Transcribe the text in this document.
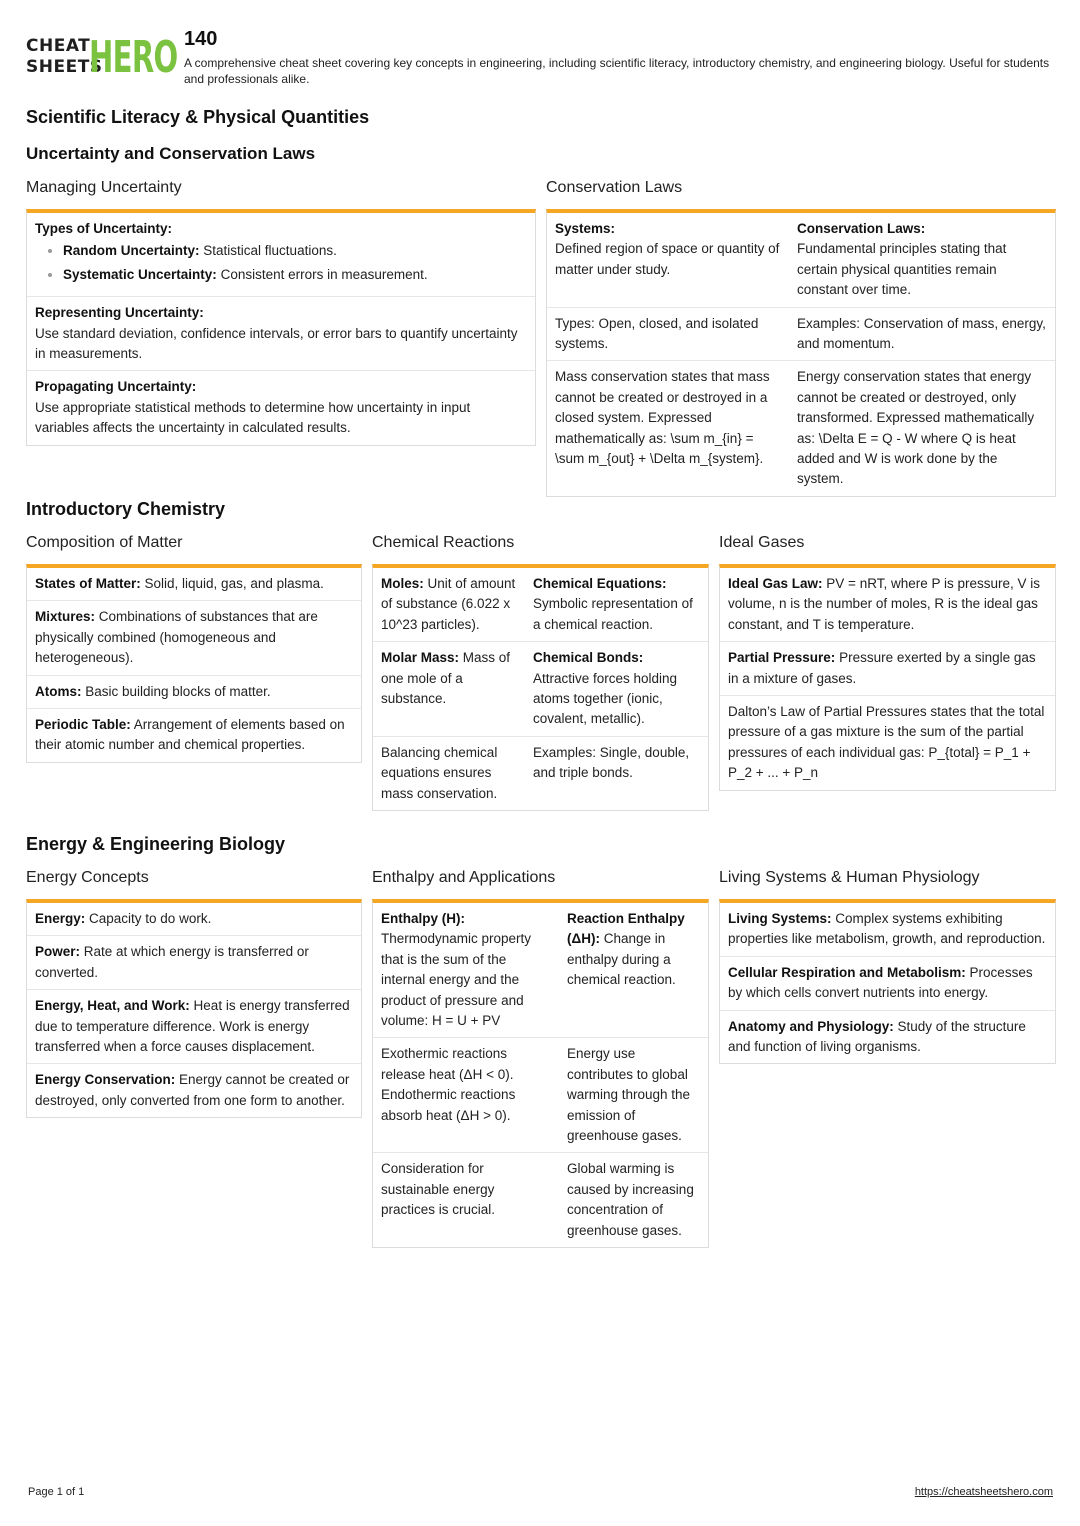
CHEAT
SHEETS
HERO 140
A comprehensive cheat sheet covering key concepts in engineering, including scientific literacy, introductory chemistry, and engineering biology. Useful for students and professionals alike.
Scientific Literacy & Physical Quantities
Uncertainty and Conservation Laws
Managing Uncertainty
Types of Uncertainty:
• Random Uncertainty: Statistical fluctuations.
• Systematic Uncertainty: Consistent errors in measurement.
Representing Uncertainty:
Use standard deviation, confidence intervals, or error bars to quantify uncertainty in measurements.
Propagating Uncertainty:
Use appropriate statistical methods to determine how uncertainty in input variables affects the uncertainty in calculated results.
Conservation Laws
Systems:
Defined region of space or quantity of matter under study.
Conservation Laws:
Fundamental principles stating that certain physical quantities remain constant over time.
Types: Open, closed, and isolated systems.
Examples: Conservation of mass, energy, and momentum.
Mass conservation states that mass cannot be created or destroyed in a closed system. Expressed mathematically as: \sum m_{in} = \sum m_{out} + \Delta m_{system}.
Energy conservation states that energy cannot be created or destroyed, only transformed. Expressed mathematically as: \Delta E = Q - W where Q is heat added and W is work done by the system.
Introductory Chemistry
Composition of Matter
States of Matter: Solid, liquid, gas, and plasma.
Mixtures: Combinations of substances that are physically combined (homogeneous and heterogeneous).
Atoms: Basic building blocks of matter.
Periodic Table: Arrangement of elements based on their atomic number and chemical properties.
Chemical Reactions
Moles: Unit of amount of substance (6.022 x 10^23 particles).
Chemical Equations:
Symbolic representation of a chemical reaction.
Molar Mass: Mass of one mole of a substance.
Chemical Bonds:
Attractive forces holding atoms together (ionic, covalent, metallic).
Balancing chemical equations ensures mass conservation.
Examples: Single, double, and triple bonds.
Ideal Gases
Ideal Gas Law: PV = nRT, where P is pressure, V is volume, n is the number of moles, R is the ideal gas constant, and T is temperature.
Partial Pressure: Pressure exerted by a single gas in a mixture of gases.
Dalton’s Law of Partial Pressures states that the total pressure of a gas mixture is the sum of the partial pressures of each individual gas: P_{total} = P_1 + P_2 + ... + P_n
Energy & Engineering Biology
Energy Concepts
Energy: Capacity to do work.
Power: Rate at which energy is transferred or converted.
Energy, Heat, and Work: Heat is energy transferred due to temperature difference. Work is energy transferred when a force causes displacement.
Energy Conservation: Energy cannot be created or destroyed, only converted from one form to another.
Enthalpy and Applications
Enthalpy (H):
Thermodynamic property that is the sum of the internal energy and the product of pressure and volume: H = U + PV
Reaction Enthalpy (ΔH): Change in enthalpy during a chemical reaction.
Exothermic reactions release heat (ΔH < 0). Endothermic reactions absorb heat (ΔH > 0).
Energy use contributes to global warming through the emission of greenhouse gases.
Consideration for sustainable energy practices is crucial.
Global warming is caused by increasing concentration of greenhouse gases.
Living Systems & Human Physiology
Living Systems: Complex systems exhibiting properties like metabolism, growth, and reproduction.
Cellular Respiration and Metabolism: Processes by which cells convert nutrients into energy.
Anatomy and Physiology: Study of the structure and function of living organisms.
Page 1 of 1	https://cheatsheetshero.com
